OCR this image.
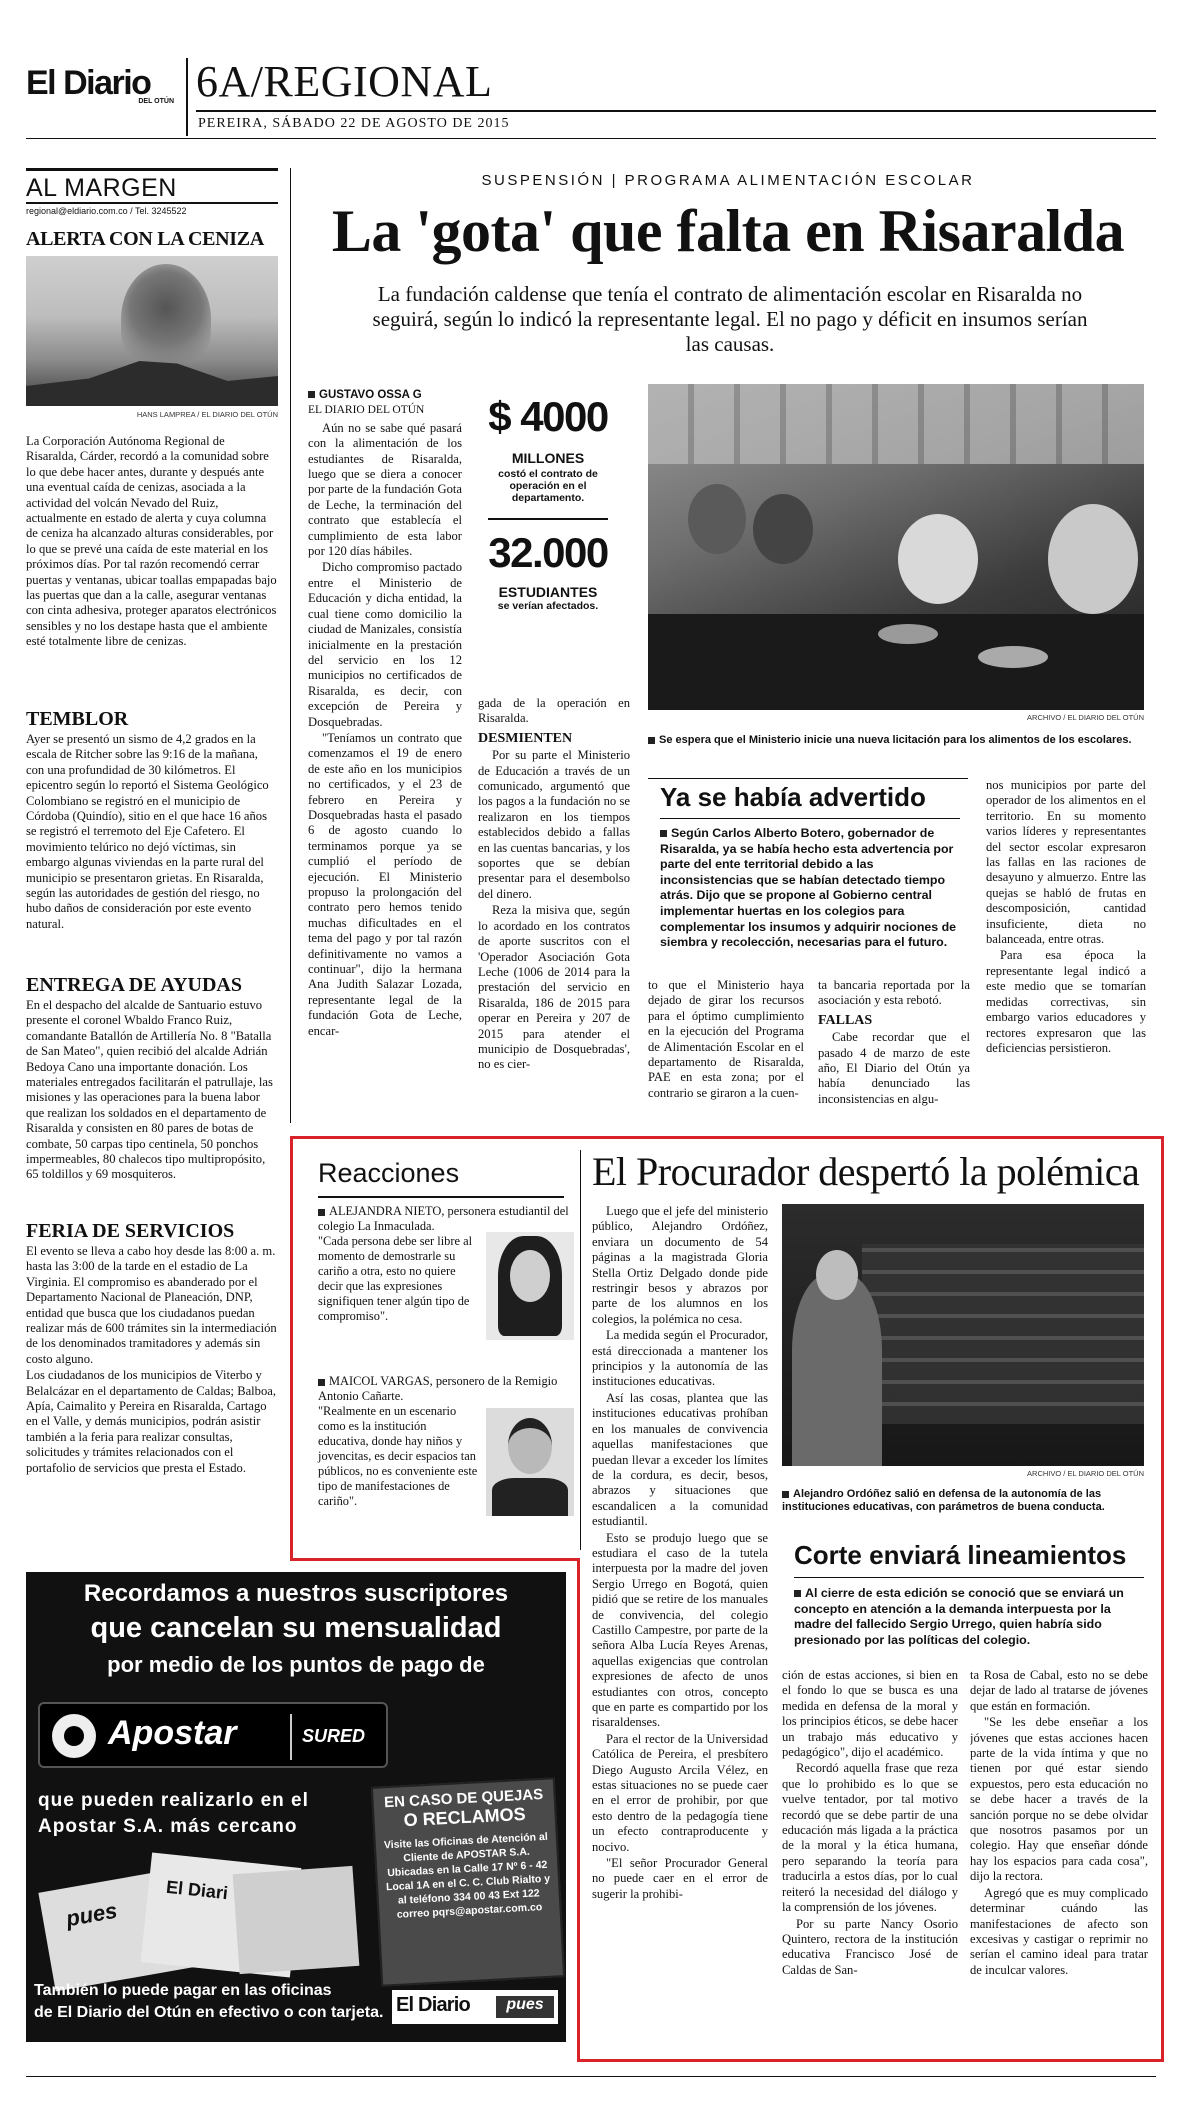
El Diario
DEL OTÚN 6A/REGIONAL
PEREIRA, SÁBADO 22 DE AGOSTO DE 2015
AL MARGEN
regional@eldiario.com.co / Tel. 3245522
ALERTA CON LA CENIZA
HANS LAMPREA / EL DIARIO DEL OTÚN

La Corporación Autónoma Regional de Risaralda, Cárder, recordó a la comunidad sobre lo que debe hacer antes, durante y después ante una eventual caída de cenizas, asociada a la actividad del volcán Nevado del Ruiz, actualmente en estado de alerta y cuya columna de ceniza ha alcanzado alturas considerables, por lo que se prevé una caída de este material en los próximos días. Por tal razón recomendó cerrar puertas y ventanas, ubicar toallas empapadas bajo las puertas que dan a la calle, asegurar ventanas con cinta adhesiva, proteger aparatos electrónicos sensibles y no los destape hasta que el ambiente esté totalmente libre de cenizas.

TEMBLOR

Ayer se presentó un sismo de 4,2 grados en la escala de Ritcher sobre las 9:16 de la mañana, con una profundidad de 30 kilómetros. El epicentro según lo reportó el Sistema Geológico Colombiano se registró en el municipio de Córdoba (Quindío), sitio en el que hace 16 años se registró el terremoto del Eje Cafetero. El movimiento telúrico no dejó víctimas, sin embargo algunas viviendas en la parte rural del municipio se presentaron grietas. En Risaralda, según las autoridades de gestión del riesgo, no hubo daños de consideración por este evento natural.

ENTREGA DE AYUDAS

En el despacho del alcalde de Santuario estuvo presente el coronel Wbaldo Franco Ruiz, comandante Batallón de Artillería No. 8 "Batalla de San Mateo", quien recibió del alcalde Adrián Bedoya Cano una importante donación. Los materiales entregados facilitarán el patrullaje, las misiones y las operaciones para la buena labor que realizan los soldados en el departamento de Risaralda y consisten en 80 pares de botas de combate, 50 carpas tipo centinela, 50 ponchos impermeables, 80 chalecos tipo multipropósito, 65 toldillos y 69 mosquiteros.

FERIA DE SERVICIOS

El evento se lleva a cabo hoy desde las 8:00 a. m. hasta las 3:00 de la tarde en el estadio de La Virginia. El compromiso es abanderado por el Departamento Nacional de Planeación, DNP, entidad que busca que los ciudadanos puedan realizar más de 600 trámites sin la intermediación de los denominados tramitadores y además sin costo alguno.

Los ciudadanos de los municipios de Viterbo y Belalcázar en el departamento de Caldas; Balboa, Apía, Caimalito y Pereira en Risaralda, Cartago en el Valle, y demás municipios, podrán asistir también a la feria para realizar consultas, solicitudes y trámites relacionados con el portafolio de servicios que presta el Estado.

SUSPENSIÓN | PROGRAMA ALIMENTACIÓN ESCOLAR
La 'gota' que falta en Risaralda
La fundación caldense que tenía el contrato de alimentación escolar en Risaralda no seguirá, según lo indicó la representante legal. El no pago y déficit en insumos serían las causas.
GUSTAVO OSSA G
EL DIARIO DEL OTÚN

Aún no se sabe qué pasará con la alimentación de los estudiantes de Risaralda, luego que se diera a conocer por parte de la fundación Gota de Leche, la terminación del contrato que establecía el cumplimiento de esta labor por 120 días hábiles.

Dicho compromiso pactado entre el Ministerio de Educación y dicha entidad, la cual tiene como domicilio la ciudad de Manizales, consistía inicialmente en la prestación del servicio en los 12 municipios no certificados de Risaralda, es decir, con excepción de Pereira y Dosquebradas.

"Teníamos un contrato que comenzamos el 19 de enero de este año en los municipios no certificados, y el 23 de febrero en Pereira y Dosquebradas hasta el pasado 6 de agosto cuando lo terminamos porque ya se cumplió el período de ejecución. El Ministerio propuso la prolongación del contrato pero hemos tenido muchas dificultades en el tema del pago y por tal razón definitivamente no vamos a continuar", dijo la hermana Ana Judith Salazar Lozada, representante legal de la fundación Gota de Leche, encar-

$ 4000
MILLONES
costó el contrato de operación en el departamento.
32.000
ESTUDIANTES
se verían afectados.

gada de la operación en Risaralda.

DESMIENTEN

Por su parte el Ministerio de Educación a través de un comunicado, argumentó que los pagos a la fundación no se realizaron en los tiempos establecidos debido a fallas en las cuentas bancarias, y los soportes que se debían presentar para el desembolso del dinero.

Reza la misiva que, según lo acordado en los contratos de aporte suscritos con el 'Operador Asociación Gota Leche (1006 de 2014 para la prestación del servicio en Risaralda, 186 de 2015 para operar en Pereira y 207 de 2015 para atender el municipio de Dosquebradas', no es cier-

ARCHIVO / EL DIARIO DEL OTÚN
Se espera que el Ministerio inicie una nueva licitación para los alimentos de los escolares.
Ya se había advertido
Según Carlos Alberto Botero, gobernador de Risaralda, ya se había hecho esta advertencia por parte del ente territorial debido a las inconsistencias que se habían detectado tiempo atrás. Dijo que se propone al Gobierno central implementar huertas en los colegios para complementar los insumos y adquirir nociones de siembra y recolección, necesarias para el futuro.

to que el Ministerio haya dejado de girar los recursos para el óptimo cumplimiento en la ejecución del Programa de Alimentación Escolar en el departamento de Risaralda, PAE en esta zona; por el contrario se giraron a la cuen-

ta bancaria reportada por la asociación y esta rebotó.

FALLAS

Cabe recordar que el pasado 4 de marzo de este año, El Diario del Otún ya había denunciado las inconsistencias en algu-

nos municipios por parte del operador de los alimentos en el territorio. En su momento varios líderes y representantes del sector escolar expresaron las fallas en las raciones de desayuno y almuerzo. Entre las quejas se habló de frutas en descomposición, cantidad insuficiente, dieta no balanceada, entre otras.

Para esa época la representante legal indicó a este medio que se tomarían medidas correctivas, sin embargo varios educadores y rectores expresaron que las deficiencias persistieron.

Reacciones
ALEJANDRA NIETO, personera estudiantil del colegio La Inmaculada.
"Cada persona debe ser libre al momento de demostrarle su cariño a otra, esto no quiere decir que las expresiones signifiquen tener algún tipo de compromiso".
MAICOL VARGAS, personero de la Remigio Antonio Cañarte.
"Realmente en un escenario como es la institución educativa, donde hay niños y jovencitas, es decir espacios tan públicos, no es conveniente este tipo de manifestaciones de cariño".
El Procurador despertó la polémica

Luego que el jefe del ministerio público, Alejandro Ordóñez, enviara un documento de 54 páginas a la magistrada Gloria Stella Ortiz Delgado donde pide restringir besos y abrazos por parte de los alumnos en los colegios, la polémica no cesa.

La medida según el Procurador, está direccionada a mantener los principios y la autonomía de las instituciones educativas.

Así las cosas, plantea que las instituciones educativas prohíban en los manuales de convivencia aquellas manifestaciones que puedan llevar a exceder los límites de la cordura, es decir, besos, abrazos y situaciones que escandalicen a la comunidad estudiantil.

Esto se produjo luego que se estudiara el caso de la tutela interpuesta por la madre del joven Sergio Urrego en Bogotá, quien pidió que se retire de los manuales de convivencia, del colegio Castillo Campestre, por parte de la señora Alba Lucía Reyes Arenas, aquellas exigencias que controlan expresiones de afecto de unos estudiantes con otros, concepto que en parte es compartido por los risaraldenses.

Para el rector de la Universidad Católica de Pereira, el presbítero Diego Augusto Arcila Vélez, en estas situaciones no se puede caer en el error de prohibir, por que esto dentro de la pedagogía tiene un efecto contraproducente y nocivo.

"El señor Procurador General no puede caer en el error de sugerir la prohibi-

ARCHIVO / EL DIARIO DEL OTÚN
Alejandro Ordóñez salió en defensa de la autonomía de las instituciones educativas, con parámetros de buena conducta.
Corte enviará lineamientos
Al cierre de esta edición se conoció que se enviará un concepto en atención a la demanda interpuesta por la madre del fallecido Sergio Urrego, quien habría sido presionado por las políticas del colegio.

ción de estas acciones, si bien en el fondo lo que se busca es una medida en defensa de la moral y los principios éticos, se debe hacer un trabajo más educativo y pedagógico", dijo el académico.

Recordó aquella frase que reza que lo prohibido es lo que se vuelve tentador, por tal motivo recordó que se debe partir de una educación más ligada a la práctica de la moral y la ética humana, pero separando la teoría para traducirla a estos días, por lo cual reiteró la necesidad del diálogo y la comprensión de los jóvenes.

Por su parte Nancy Osorio Quintero, rectora de la institución educativa Francisco José de Caldas de San-

ta Rosa de Cabal, esto no se debe dejar de lado al tratarse de jóvenes que están en formación.

"Se les debe enseñar a los jóvenes que estas acciones hacen parte de la vida íntima y que no tienen por qué estar siendo expuestos, pero esta educación no se debe hacer a través de la sanción porque no se debe olvidar que nosotros pasamos por un colegio. Hay que enseñar dónde hay los espacios para cada cosa", dijo la rectora.

Agregó que es muy complicado determinar cuándo las manifestaciones de afecto son excesivas y castigar o reprimir no serían el camino ideal para tratar de inculcar valores.

Recordamos a nuestros suscriptores
que cancelan su mensualidad
por medio de los puntos de pago de
Apostar	SURED
que pueden realizarlo en el
Apostar S.A. más cercano
EN CASO DE QUEJAS
O RECLAMOS
Visite las Oficinas de Atención al Cliente de APOSTAR S.A. Ubicadas en la Calle 17 Nº 6 - 42 Local 1A en el C. C. Club Rialto y al teléfono 334 00 43 Ext 122 correo pqrs@apostar.com.co
El Diari
pues
También lo puede pagar en las oficinas
de El Diario del Otún en efectivo o con tarjeta. El Diario	pues
